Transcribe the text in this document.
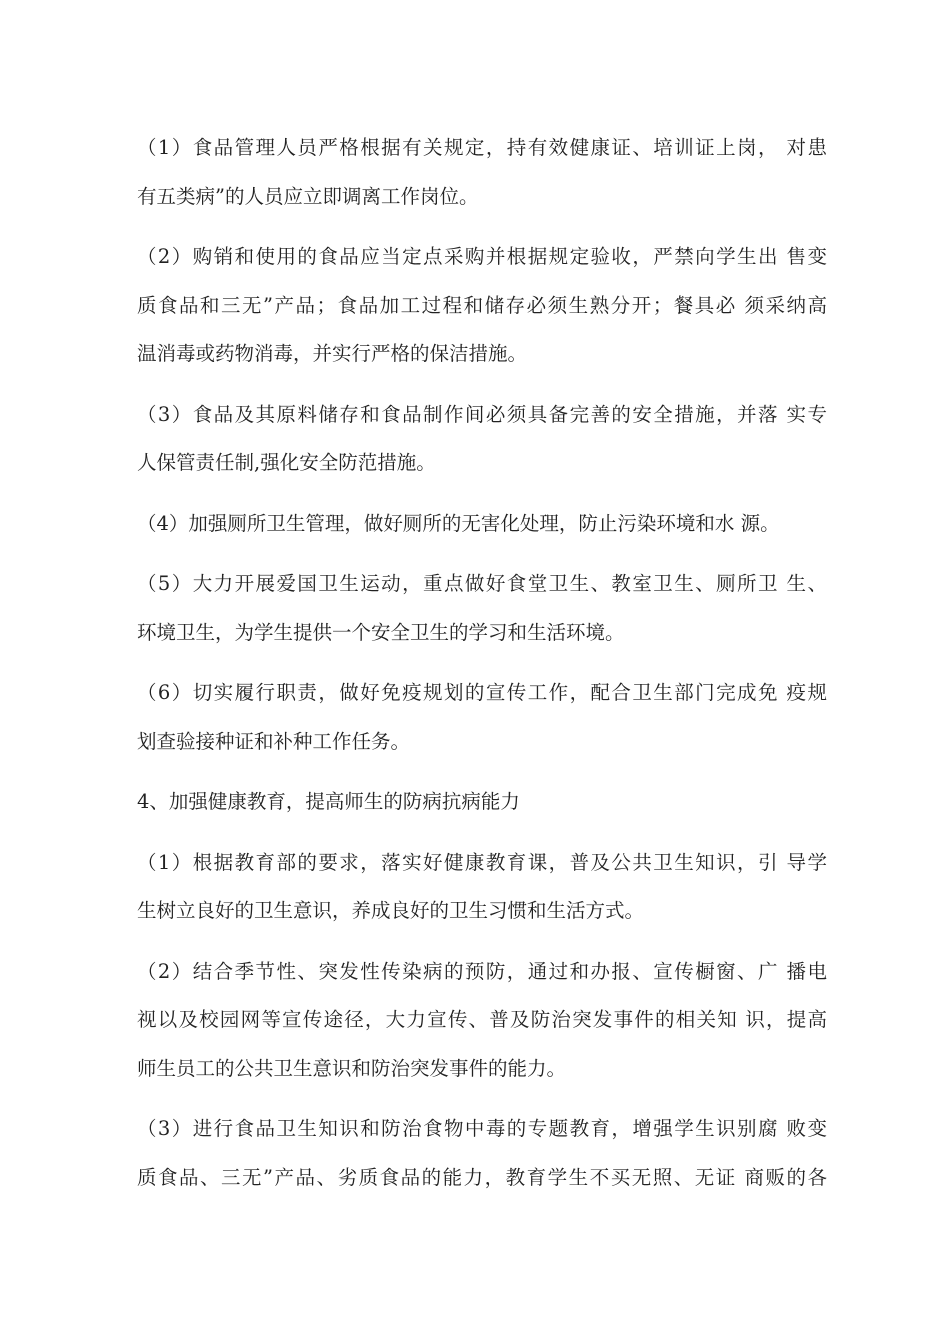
（1）食品管理人员严格根据有关规定，持有效健康证、培训证上岗， 对患
有五类病”的人员应立即调离工作岗位。

（2）购销和使用的食品应当定点采购并根据规定验收，严禁向学生出 售变
质食品和三无”产品；食品加工过程和储存必须生熟分开；餐具必 须采纳高
温消毒或药物消毒，并实行严格的保洁措施。

（3）食品及其原料储存和食品制作间必须具备完善的安全措施，并落 实专
人保管责任制,强化安全防范措施。

（4）加强厕所卫生管理，做好厕所的无害化处理，防止污染环境和水 源。

（5）大力开展爱国卫生运动，重点做好食堂卫生、教室卫生、厕所卫 生、
环境卫生，为学生提供一个安全卫生的学习和生活环境。

（6）切实履行职责，做好免疫规划的宣传工作，配合卫生部门完成免 疫规
划查验接种证和补种工作任务。

4、加强健康教育，提高师生的防病抗病能力

（1）根据教育部的要求，落实好健康教育课，普及公共卫生知识，引 导学
生树立良好的卫生意识，养成良好的卫生习惯和生活方式。

（2）结合季节性、突发性传染病的预防，通过和办报、宣传橱窗、广 播电
视以及校园网等宣传途径，大力宣传、普及防治突发事件的相关知 识，提高
师生员工的公共卫生意识和防治突发事件的能力。

（3）进行食品卫生知识和防治食物中毒的专题教育，增强学生识别腐 败变
质食品、三无”产品、劣质食品的能力，教育学生不买无照、无证 商贩的各
